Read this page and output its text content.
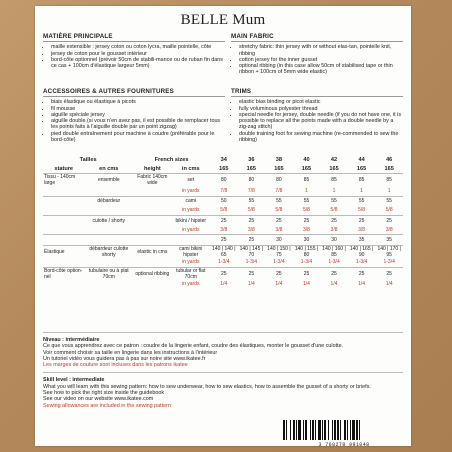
BELLE Mum
MATIÈRE PRINCIPALE
• maille extensible : jersey coton ou coton lycra, maille pointelle, côte
• jersey de coton pour le gousset intérieur
• bord-côte optionnel (prévoir 50cm de stabili-mance ou de ruban fin dans ce cas + 100cm d'élastique largeur 5mm)
MAIN FABRIC
• stretchy fabric: thin jersey with or without elas-tan, pointelle knit, ribbing
• cotton jersey for the inner gusset
• optional ribbing (in this case allow 50cm of stabilised tape or thin ribbon + 100cm of 5mm wide elastic)
ACCESSOIRES & AUTRES FOURNITURES
• biais élastique ou élastique à picots
• fil mousse
• aiguille spéciale jersey
• aiguille double (si vous n'en avez pas, il est possible de remplacer tous les points faits à l'aiguille double par un point zigzag)
• pied double entraînement pour machine à coudre (préférable pour le bord-côte)
TRIMS
• elastic bias binding or picot elastic
• fully voluminous polyester thread
• special needle for jersey, double needle (if you do not have one, it is possible to replace all the points made with a double needle by a zig-zag stitch)
• double training foot for sewing machine (re-commended to sew the ribbing)
Tailles		French sizes		34	36	38	40	42	44	46
stature	en cms	height	in cms	165	165	165	165	165	165	165
Tissu - 140cm large	ensemble	Fabric 140cm wide	set	80	80	80	85	85	85	85
			in yards	7/8	7/8	7/8	1	1	1	1
	débardeur		cami	50	55	55	55	55	55	55
			in yards	5/8	5/8	5/8	5/8	5/8	5/8	5/8
	culotte / shorty		bikini / hipster	25	25	25	25	25	25	25
			in yards	3/8	3/8	3/8	3/8	3/8	3/8	3/8
				25	25	30	30	30	35	35
Élastique	débardeur culotte shorty	elastic in cms	cami bikini hipster	140 | 140 | 65	140 | 145 | 70	140 | 150 | 75	140 | 155 | 80	140 | 160 | 85	140 | 165 | 90	140 | 170 | 95
			in yards	1-3/4	1-3/4	1-3/4	1-3/4	1-3/4	1-3/4	1-3/4
Bord-côte option-nel	tubulaire ou à plat 70cm	optional ribbing	tubular or flat 70cm	25	25	25	25	25	25	25
			in yards	1/4	1/4	1/4	1/4	1/4	1/4	1/4
Niveau : intermédiaire
Ce que vous apprendrez avec ce patron : coudre de la lingerie enfant, coudre des élastiques, monter le gousset d'une culotte.
Voir comment choisir sa taille en lingerie dans les instructions à l'intérieur
Un tutoriel vidéo vous guidera pas à pas sur notre site www.ikatee.fr
Les marges de couture sont incluses dans les patrons ikatee
Skill level : intermediate
What you will learn with this sewing pattern: how to sew underwear, how to sew elastics, how to assemble the gusset of a shorty or briefs.
See how to pick the right size inside the guidebook
See our video on our website www.ikatee.com
Sewing allowances are included in the sewing pattern
3 760278 991048
